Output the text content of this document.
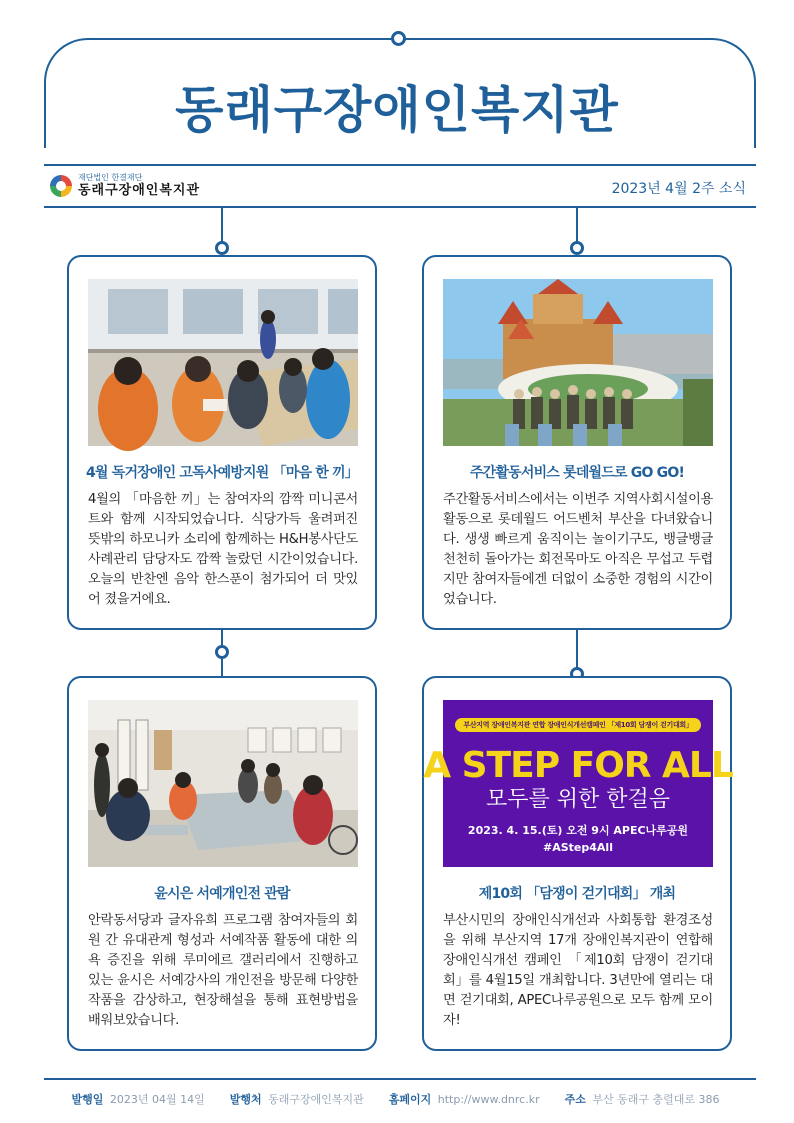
동래구장애인복지관
재단법인 한결재단
동래구장애인복지관	2023년 4월 2주 소식
4월 독거장애인 고독사예방지원 「마음 한 끼」
4월의 「마음한 끼」는 참여자의 깜짝 미니콘서트와 함께 시작되었습니다. 식당가득 울려퍼진 뜻밖의 하모니카 소리에 함께하는 H&H봉사단도 사례관리 담당자도 깜짝 놀랐던 시간이었습니다. 오늘의 반찬엔 음악 한스푼이 첨가되어 더 맛있어 졌을거에요.
주간활동서비스 롯데월드로 GO GO!
주간활동서비스에서는 이번주 지역사회시설이용 활동으로 롯데월드 어드벤처 부산을 다녀왔습니다. 생생 빠르게 움직이는 놀이기구도, 뱅글뱅글 천천히 돌아가는 회전목마도 아직은 무섭고 두렵지만 참여자들에겐 더없이 소중한 경험의 시간이었습니다.
윤시은 서예개인전 관람
안락동서당과 글자유희 프로그램 참여자들의 회원 간 유대관계 형성과 서예작품 활동에 대한 의욕 증진을 위해 루미에르 갤러리에서 진행하고 있는 윤시은 서예강사의 개인전을 방문해 다양한 작품을 감상하고, 현장해설을 통해 표현방법을 배워보았습니다.
부산지역 장애인복지관 연합 장애인식개선캠페인 「제10회 담쟁이 걷기대회」
A STEP FOR ALL
모두를 위한 한걸음
2023. 4. 15.(토) 오전 9시 APEC나루공원
#AStep4All
제10회 「담쟁이 걷기대회」 개최
부산시민의 장애인식개선과 사회통합 환경조성을 위해 부산지역 17개 장애인복지관이 연합해 장애인식개선 캠페인 「제10회 담쟁이 걷기대회」를 4월15일 개최합니다. 3년만에 열리는 대면 걷기대회, APEC나루공원으로 모두 함께 모이자!
발행일 2023년 04월 14일 발행처 동래구장애인복지관 홈페이지 http://www.dnrc.kr 주소 부산 동래구 충렬대로 386
